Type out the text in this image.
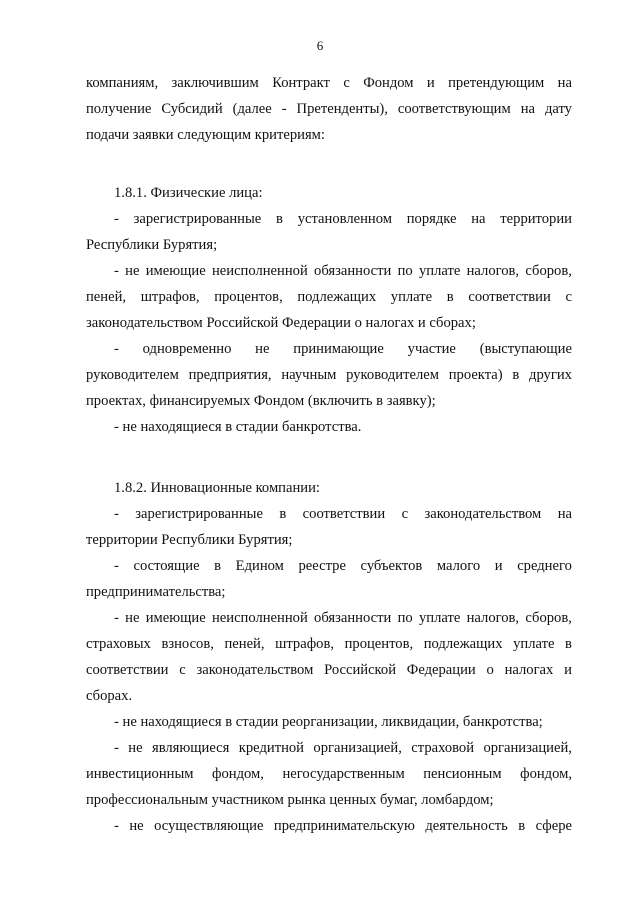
6
компаниям, заключившим Контракт с Фондом и претендующим на
получение Субсидий (далее - Претенденты), соответствующим на дату
подачи заявки следующим критериям:
1.8.1. Физические лица:
- зарегистрированные в установленном порядке на территории
Республики Бурятия;
- не имеющие неисполненной обязанности по уплате налогов, сборов,
пеней, штрафов, процентов, подлежащих уплате в соответствии с
законодательством Российской Федерации о налогах и сборах;
- одновременно не принимающие участие (выступающие
руководителем предприятия, научным руководителем проекта) в других
проектах, финансируемых Фондом (включить в заявку);
- не находящиеся в стадии банкротства.
1.8.2. Инновационные компании:
- зарегистрированные в соответствии с законодательством на
территории Республики Бурятия;
- состоящие в Едином реестре субъектов малого и среднего
предпринимательства;
- не имеющие неисполненной обязанности по уплате налогов, сборов,
страховых взносов, пеней, штрафов, процентов, подлежащих уплате в
соответствии с законодательством Российской Федерации о налогах и
сборах.
- не находящиеся в стадии реорганизации, ликвидации, банкротства;
- не являющиеся кредитной организацией, страховой организацией,
инвестиционным фондом, негосударственным пенсионным фондом,
профессиональным участником рынка ценных бумаг, ломбардом;
- не осуществляющие предпринимательскую деятельность в сфере
